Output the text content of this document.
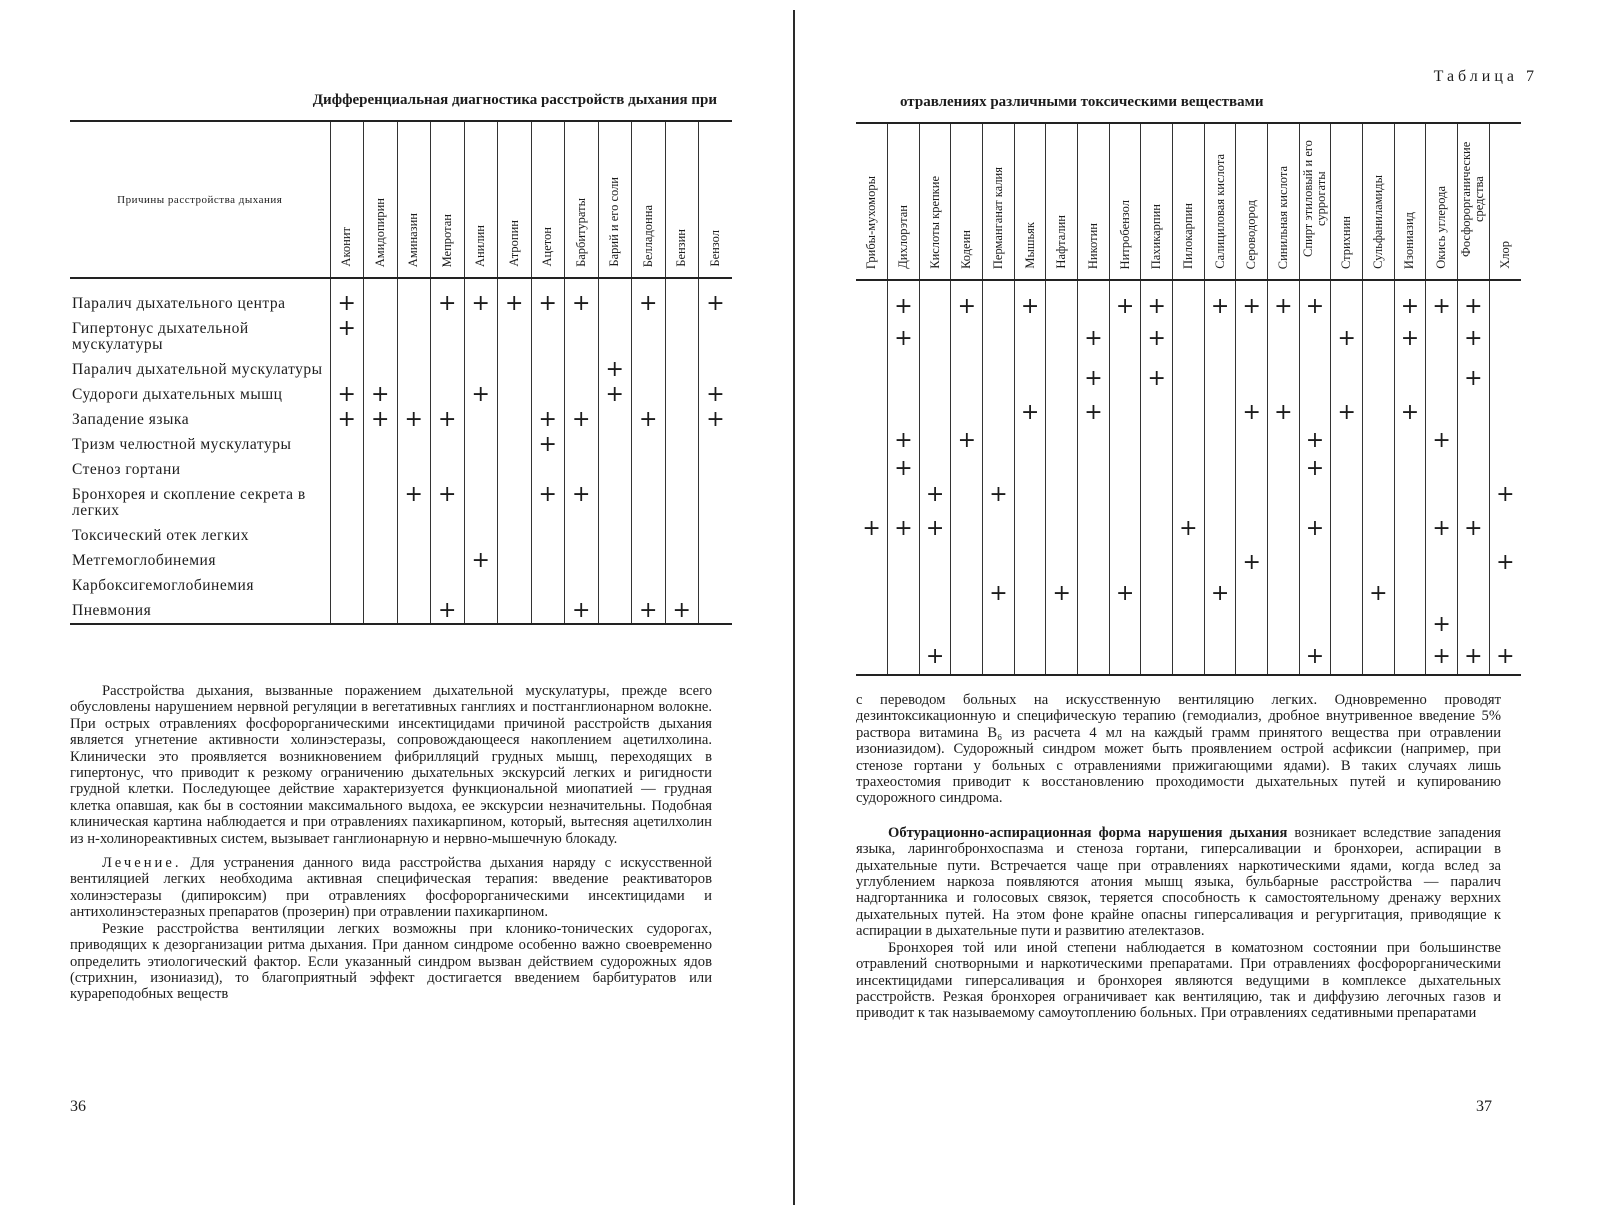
Дифференциальная диагностика расстройств дыхания при
Причины расстройства дыхания	Аконит	Амидопирин	Аминазин	Мепротан	Анилин	Атропин	Ацетон	Барбитураты	Барий и его соли	Белладонна	Бензин	Бензол

Паралич дыхательного центра	+			+	+	+	+	+		+		+
Гипертонус дыхательной мускулатуры	+											
Паралич дыхательной мускулатуры									+			
Судороги дыхательных мышц	+	+			+				+			+
Западение языка	+	+	+	+			+	+		+		+
Тризм челюстной мускулатуры							+					
Стеноз гортани												
Бронхорея и скопление секрета в легких			+	+			+	+				
Токсический отек легких												
Метгемоглобинемия					+							
Карбоксигемоглобинемия												
Пневмония				+				+		+	+	

Расстройства дыхания, вызванные поражением дыхательной мускулатуры, прежде всего обусловлены нарушением нервной регуляции в вегетативных ганглиях и постганглионарном волокне. При острых отравлениях фосфорорганическими инсектицидами причиной расстройств дыхания является угнетение активности холинэстеразы, сопровождающееся накоплением ацетилхолина. Клинически это проявляется возникновением фибрилляций грудных мышц, переходящих в гипертонус, что приводит к резкому ограничению дыхательных экскурсий легких и ригидности грудной клетки. Последующее действие характеризуется функциональной миопатией — грудная клетка опавшая, как бы в состоянии максимального выдоха, ее экскурсии незначительны. Подобная клиническая картина наблюдается и при отравлениях пахикарпином, который, вытесняя ацетилхолин из н-холинореактивных систем, вызывает ганглионарную и нервно-мышечную блокаду.

Лечение. Для устранения данного вида расстройства дыхания наряду с искусственной вентиляцией легких необходима активная специфическая терапия: введение реактиваторов холинэстеразы (дипироксим) при отравлениях фосфорорганическими инсектицидами и антихолинэстеразных препаратов (прозерин) при отравлении пахикарпином.

Резкие расстройства вентиляции легких возможны при клонико-тонических судорогах, приводящих к дезорганизации ритма дыхания. При данном синдроме особенно важно своевременно определить этиологический фактор. Если указанный синдром вызван действием судорожных ядов (стрихнин, изониазид), то благоприятный эффект достигается введением барбитуратов или курареподобных веществ

36
Таблица 7
отравлениях различными токсическими веществами
Грибы-мухоморы	Дихлорэтан	Кислоты крепкие	Кодеин	Перманганат калия	Мышьяк	Нафталин	Никотин	Нитробензол	Пахикарпин	Пилокарпин	Салициловая кислота	Сероводород	Синильная кислота	Спирт этиловый и его суррогаты	Стрихнин	Сульфаниламиды	Изониазид	Окись углерода	Фосфорорганические средства	Хлор

	+		+		+			+	+		+	+	+	+			+	+	+	
	+						+		+						+		+		+	
							+		+										+	
					+		+					+	+		+		+			
	+		+											+				+		
	+													+						
		+		+																+
+	+	+								+				+				+	+	
												+								+
				+		+		+			+					+				
																		+		
		+												+				+	+	+

с переводом больных на искусственную вентиляцию легких. Одновременно проводят дезинтоксикационную и специфическую терапию (гемодиализ, дробное внутривенное введение 5% раствора витамина B₆ из расчета 4 мл на каждый грамм принятого вещества при отравлении изониазидом). Судорожный синдром может быть проявлением острой асфиксии (например, при стенозе гортани у больных с отравлениями прижигающими ядами). В таких случаях лишь трахеостомия приводит к восстановлению проходимости дыхательных путей и купированию судорожного синдрома.

Обтурационно-аспирационная форма нарушения дыхания возникает вследствие западения языка, ларингобронхоспазма и стеноза гортани, гиперсаливации и бронхореи, аспирации в дыхательные пути. Встречается чаще при отравлениях наркотическими ядами, когда вслед за углублением наркоза появляются атония мышц языка, бульбарные расстройства — паралич надгортанника и голосовых связок, теряется способность к самостоятельному дренажу верхних дыхательных путей. На этом фоне крайне опасны гиперсаливация и регургитация, приводящие к аспирации в дыхательные пути и развитию ателектазов.

Бронхорея той или иной степени наблюдается в коматозном состоянии при большинстве отравлений снотворными и наркотическими препаратами. При отравлениях фосфорорганическими инсектицидами гиперсаливация и бронхорея являются ведущими в комплексе дыхательных расстройств. Резкая бронхорея ограничивает как вентиляцию, так и диффузию легочных газов и приводит к так называемому самоутоплению больных. При отравлениях седативными препаратами

37
